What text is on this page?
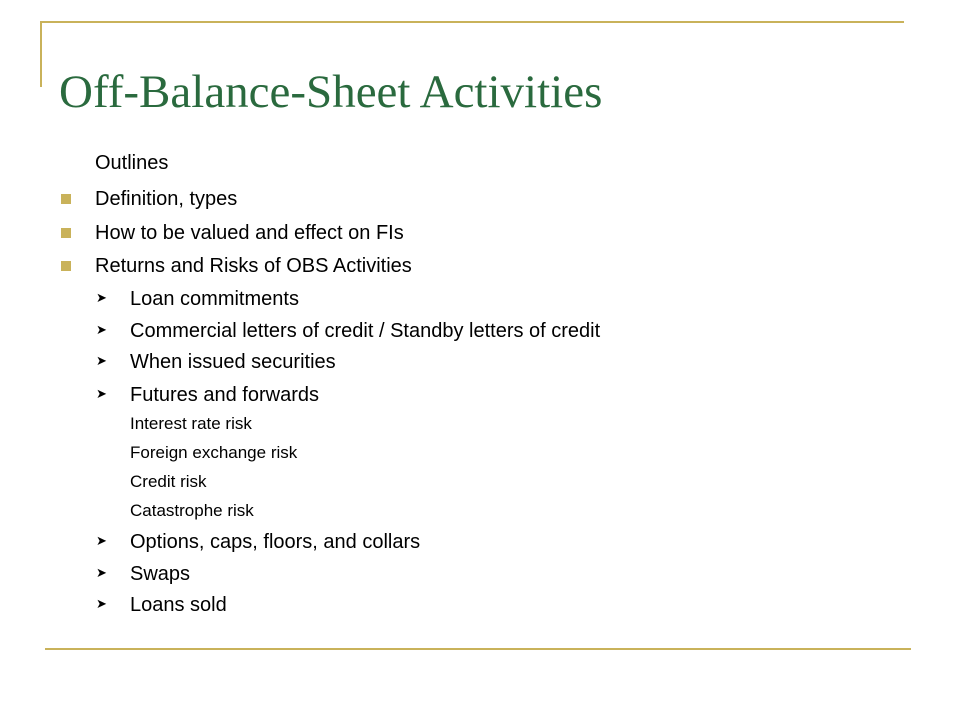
Off-Balance-Sheet Activities
Outlines
Definition, types
How to be valued and effect on FIs
Returns and Risks of OBS Activities
➤ Loan commitments
➤ Commercial letters of credit / Standby letters of credit
➤ When issued securities
➤ Futures and forwards
Interest rate risk
Foreign exchange risk
Credit risk
Catastrophe risk
➤ Options, caps, floors, and collars
➤ Swaps
➤ Loans sold
